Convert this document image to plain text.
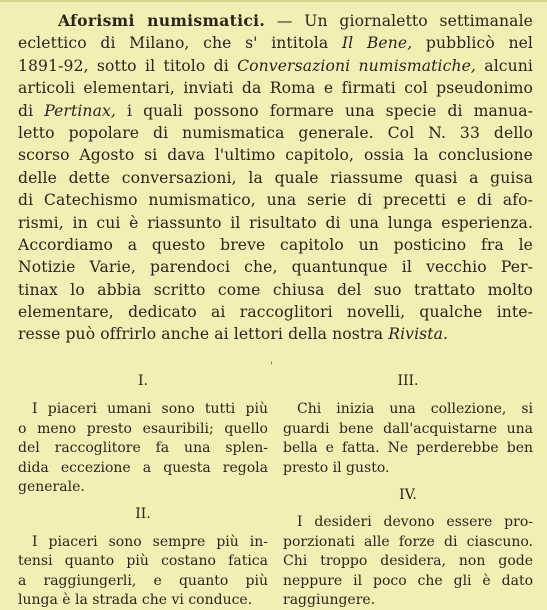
Aforismi numismatici. — Un giornaletto settimanale
eclettico di Milano, che s' intitola Il Bene, pubblicò nel
1891-92, sotto il titolo di Conversazioni numismatiche, alcuni
articoli elementari, inviati da Roma e firmati col pseudonimo
di Pertinax, i quali possono formare una specie di manua-
letto popolare di numismatica generale. Col N. 33 dello
scorso Agosto si dava l'ultimo capitolo, ossia la conclusione
delle dette conversazioni, la quale riassume quasi a guisa
di Catechismo numismatico, una serie di precetti e di afo-
rismi, in cui è riassunto il risultato di una lunga esperienza.
Accordiamo a questo breve capitolo un posticino fra le
Notizie Varie, parendoci che, quantunque il vecchio Per-
tinax lo abbia scritto come chiusa del suo trattato molto
elementare, dedicato ai raccoglitori novelli, qualche inte-
resse può offrirlo anche ai lettori della nostra Rivista.
'
I.
I piaceri umani sono tutti più
o meno presto esauribili; quello
del raccoglitore fa una splen-
dida eccezione a questa regola
generale.
II.
I piaceri sono sempre più in-
tensi quanto più costano fatica
a raggiungerli, e quanto più
lunga è la strada che vi conduce.
III.
Chi inizia una collezione, si
guardi bene dall'acquistarne una
bella e fatta. Ne perderebbe ben
presto il gusto.
IV.
I desideri devono essere pro-
porzionati alle forze di ciascuno.
Chi troppo desidera, non gode
neppure il poco che gli è dato
raggiungere.
